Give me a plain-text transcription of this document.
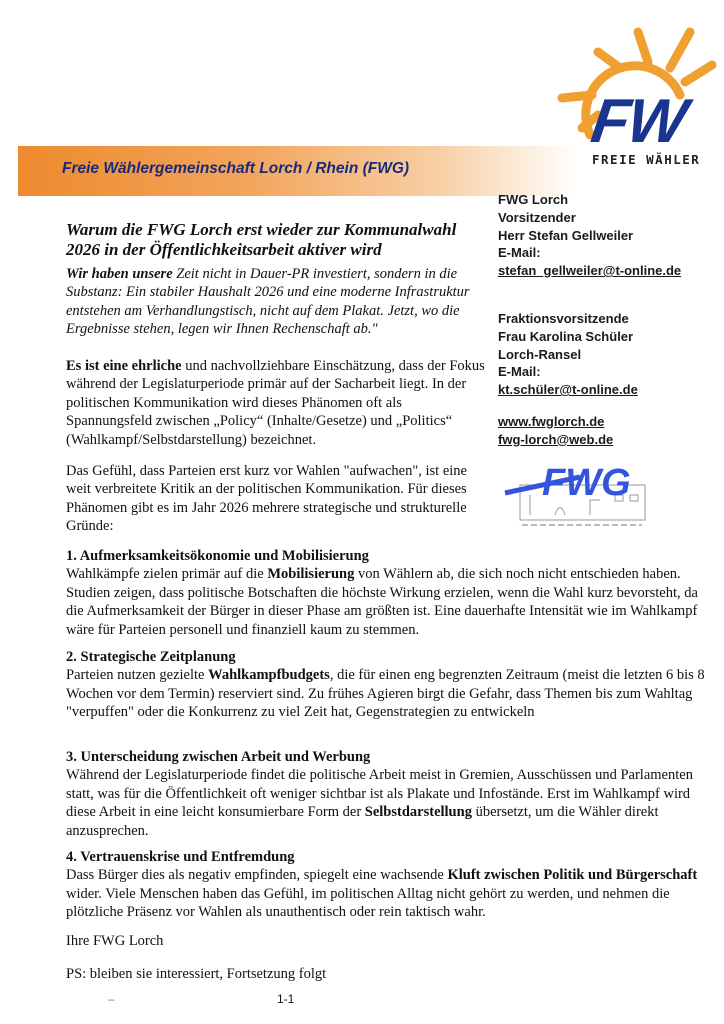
Freie Wählergemeinschaft Lorch / Rhein (FWG)
FW
FREIE WÄHLER
FWG Lorch
Vorsitzender
Herr Stefan Gellweiler
E-Mail:
stefan_gellweiler@t-online.de
Fraktionsvorsitzende
Frau Karolina Schüler
Lorch-Ransel
E-Mail:
kt.schüler@t-online.de
www.fwglorch.de
fwg-lorch@web.de
FWG
Warum die FWG Lorch erst wieder zur Kommunalwahl 2026 in der Öffentlichkeitsarbeit aktiver wird
Wir haben unsere Zeit nicht in Dauer-PR investiert, sondern in die Substanz: Ein stabiler Haushalt 2026 und eine moderne Infrastruktur entstehen am Verhandlungstisch, nicht auf dem Plakat. Jetzt, wo die Ergebnisse stehen, legen wir Ihnen Rechenschaft ab."
Es ist eine ehrliche und nachvollziehbare Einschätzung, dass der Fokus während der Legislaturperiode primär auf der Sacharbeit liegt. In der politischen Kommunikation wird dieses Phänomen oft als Spannungsfeld zwischen „Policy“ (Inhalte/Gesetze) und „Politics“ (Wahlkampf/Selbstdarstellung) bezeichnet.
Das Gefühl, dass Parteien erst kurz vor Wahlen "aufwachen", ist eine weit verbreitete Kritik an der politischen Kommunikation. Für dieses Phänomen gibt es im Jahr 2026 mehrere strategische und strukturelle Gründe:
1. Aufmerksamkeitsökonomie und Mobilisierung
Wahlkämpfe zielen primär auf die Mobilisierung von Wählern ab, die sich noch nicht entschieden haben. Studien zeigen, dass politische Botschaften die höchste Wirkung erzielen, wenn die Wahl kurz bevorsteht, da die Aufmerksamkeit der Bürger in dieser Phase am größten ist. Eine dauerhafte Intensität wie im Wahlkampf wäre für Parteien personell und finanziell kaum zu stemmen.
2. Strategische Zeitplanung
Parteien nutzen gezielte Wahlkampfbudgets, die für einen eng begrenzten Zeitraum (meist die letzten 6 bis 8 Wochen vor dem Termin) reserviert sind. Zu frühes Agieren birgt die Gefahr, dass Themen bis zum Wahltag "verpuffen" oder die Konkurrenz zu viel Zeit hat, Gegenstrategien zu entwickeln
3. Unterscheidung zwischen Arbeit und Werbung
Während der Legislaturperiode findet die politische Arbeit meist in Gremien, Ausschüssen und Parlamenten statt, was für die Öffentlichkeit oft weniger sichtbar ist als Plakate und Infostände. Erst im Wahlkampf wird diese Arbeit in eine leicht konsumierbare Form der Selbstdarstellung übersetzt, um die Wähler direkt anzusprechen.
4. Vertrauenskrise und Entfremdung
Dass Bürger dies als negativ empfinden, spiegelt eine wachsende Kluft zwischen Politik und Bürgerschaft wider. Viele Menschen haben das Gefühl, im politischen Alltag nicht gehört zu werden, und nehmen die plötzliche Präsenz vor Wahlen als unauthentisch oder rein taktisch wahr.
Ihre FWG Lorch
PS: bleiben sie interessiert, Fortsetzung folgt
–	1-1
